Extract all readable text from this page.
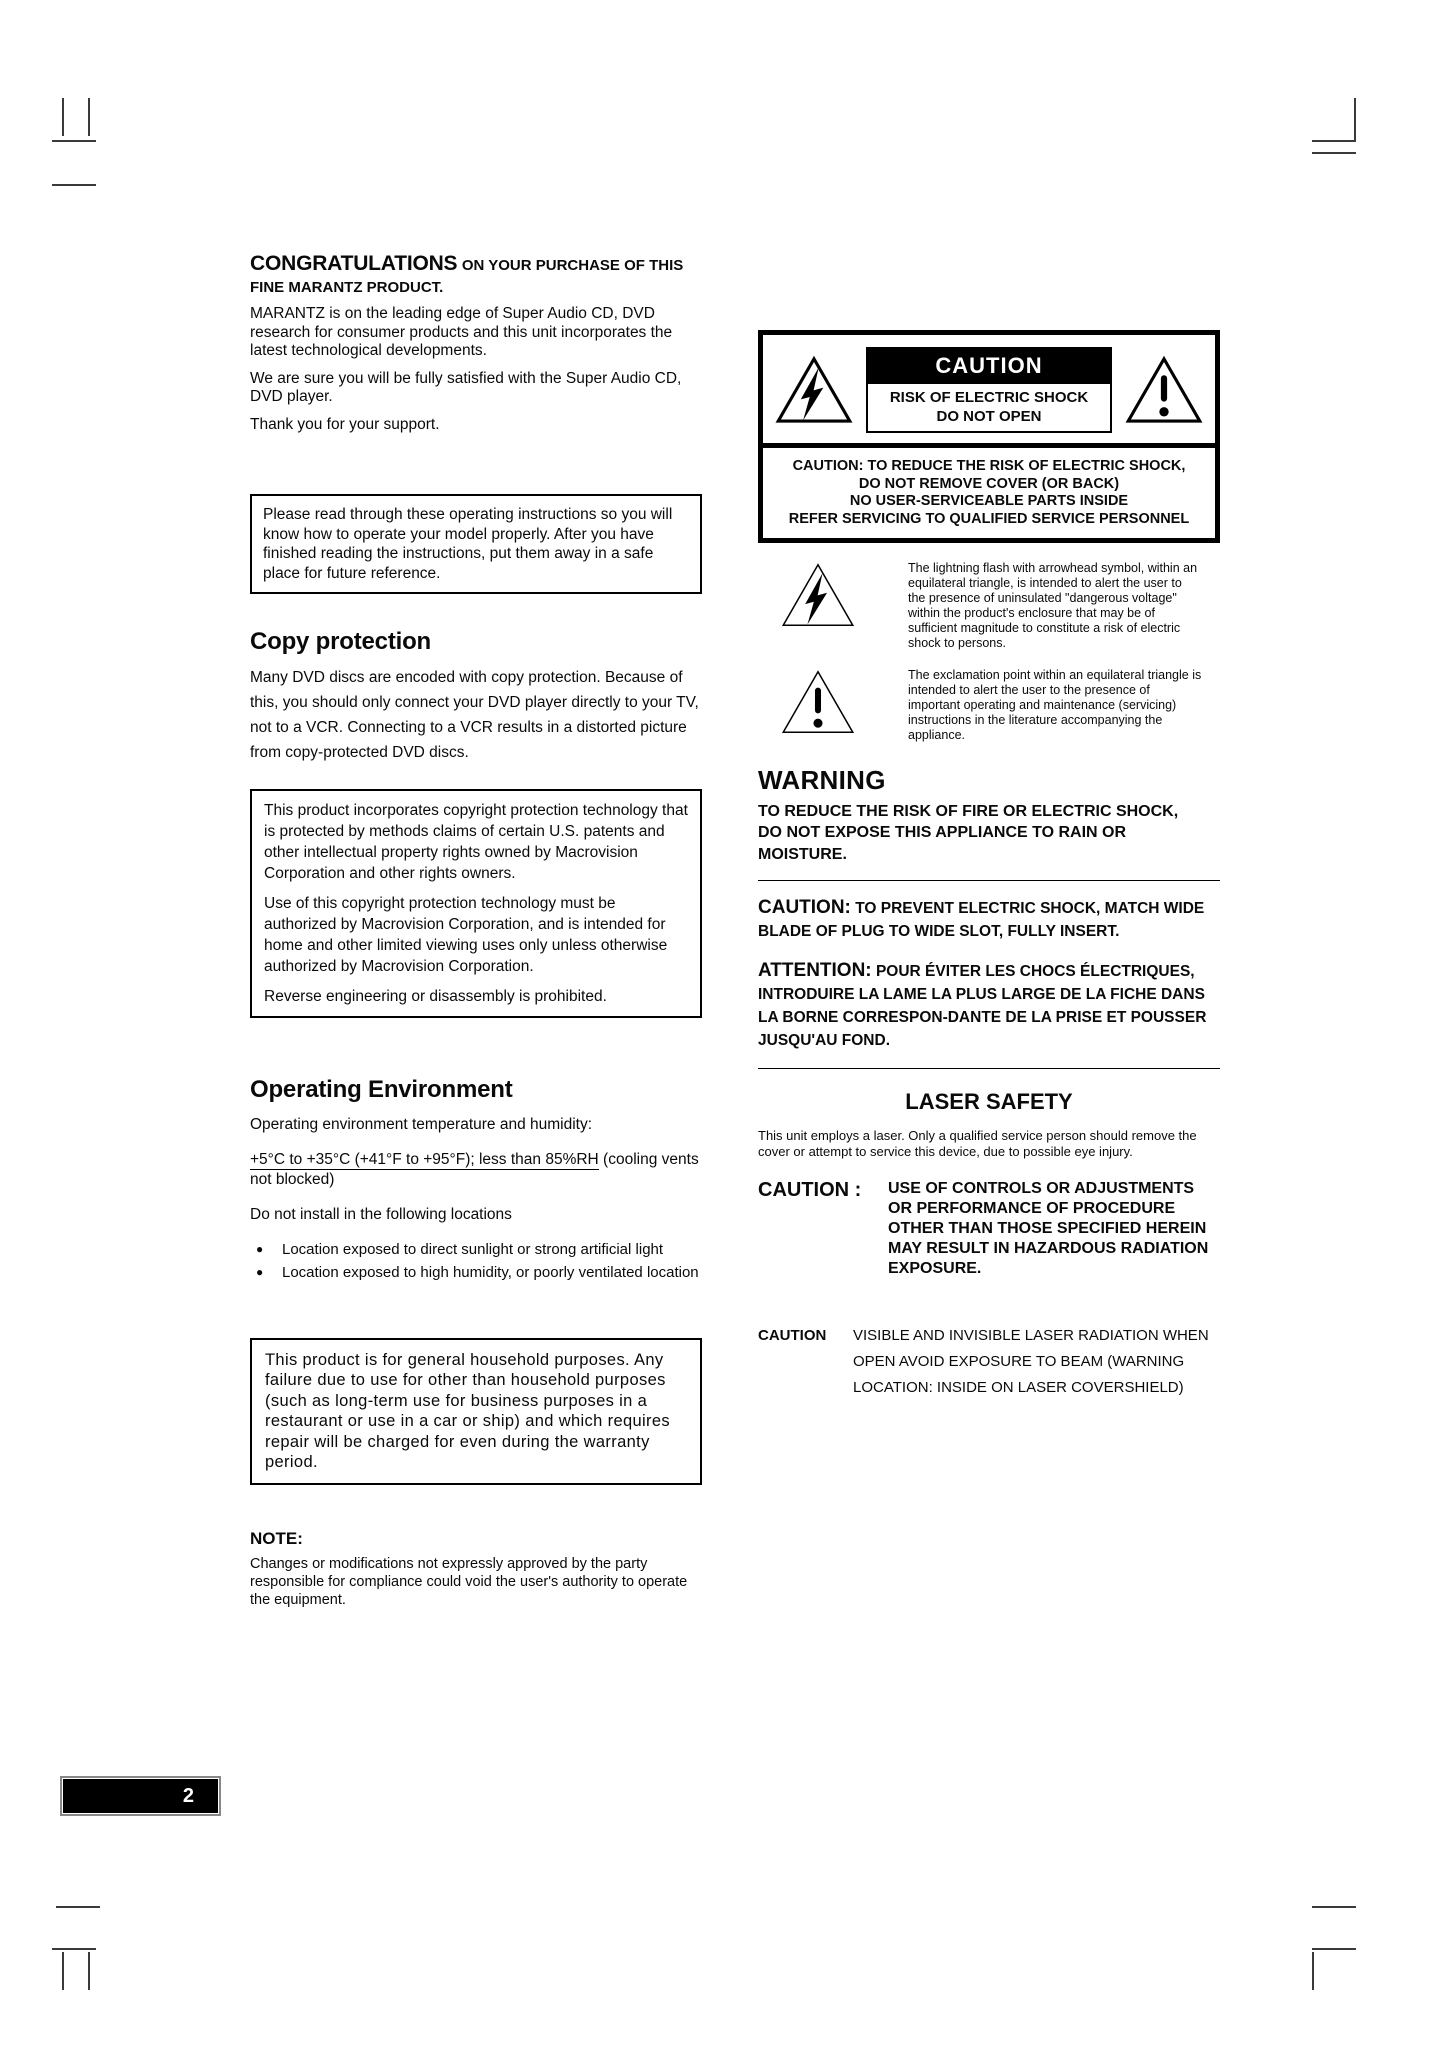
CONGRATULATIONS ON YOUR PURCHASE OF THIS
FINE MARANTZ PRODUCT.

MARANTZ is on the leading edge of Super Audio CD, DVD research for consumer products and this unit incorporates the latest technological developments.

We are sure you will be fully satisfied with the Super Audio CD, DVD player.

Thank you for your support.

Please read through these operating instructions so you will know how to operate your model properly. After you have finished reading the instructions, put them away in a safe place for future reference.
Copy protection

Many DVD discs are encoded with copy protection. Because of this, you should only connect your DVD player directly to your TV, not to a VCR. Connecting to a VCR results in a distorted picture from copy-protected DVD discs.

This product incorporates copyright protection technology that is protected by methods claims of certain U.S. patents and other intellectual property rights owned by Macrovision Corporation and other rights owners.

Use of this copyright protection technology must be authorized by Macrovision Corporation, and is intended for home and other limited viewing uses only unless otherwise authorized by Macrovision Corporation.

Reverse engineering or disassembly is prohibited.

Operating Environment

Operating environment temperature and humidity:

+5°C to +35°C (+41°F to +95°F); less than 85%RH (cooling vents not blocked)

Do not install in the following locations

●	Location exposed to direct sunlight or strong artificial light
●	Location exposed to high humidity, or poorly ventilated location
This product is for general household purposes. Any failure due to use for other than household purposes (such as long-term use for business purposes in a restaurant or use in a car or ship) and which requires repair will be charged for even during the warranty period.
NOTE:

Changes or modifications not expressly approved by the party responsible for compliance could void the user's authority to operate the equipment.

CAUTION
RISK OF ELECTRIC SHOCK
DO NOT OPEN
CAUTION: TO REDUCE THE RISK OF ELECTRIC SHOCK,
DO NOT REMOVE COVER (OR BACK)
NO USER-SERVICEABLE PARTS INSIDE
REFER SERVICING TO QUALIFIED SERVICE PERSONNEL
The lightning flash with arrowhead symbol, within an equilateral triangle, is intended to alert the user to the presence of uninsulated "dangerous voltage" within the product's enclosure that may be of sufficient magnitude to constitute a risk of electric shock to persons.
The exclamation point within an equilateral triangle is intended to alert the user to the presence of important operating and maintenance (servicing) instructions in the literature accompanying the appliance.
WARNING
TO REDUCE THE RISK OF FIRE OR ELECTRIC SHOCK, DO NOT EXPOSE THIS APPLIANCE TO RAIN OR MOISTURE.

CAUTION: TO PREVENT ELECTRIC SHOCK, MATCH WIDE BLADE OF PLUG TO WIDE SLOT, FULLY INSERT.

ATTENTION: POUR ÉVITER LES CHOCS ÉLECTRIQUES, INTRODUIRE LA LAME LA PLUS LARGE DE LA FICHE DANS LA BORNE CORRESPON-DANTE DE LA PRISE ET POUSSER JUSQU'AU FOND.

LASER SAFETY

This unit employs a laser. Only a qualified service person should remove the cover or attempt to service this device, due to possible eye injury.

CAUTION :	USE OF CONTROLS OR ADJUSTMENTS OR PERFORMANCE OF PROCEDURE OTHER THAN THOSE SPECIFIED HEREIN MAY RESULT IN HAZARDOUS RADIATION EXPOSURE.
CAUTION	VISIBLE AND INVISIBLE LASER RADIATION WHEN OPEN AVOID EXPOSURE TO BEAM (WARNING LOCATION: INSIDE ON LASER COVERSHIELD)
2
